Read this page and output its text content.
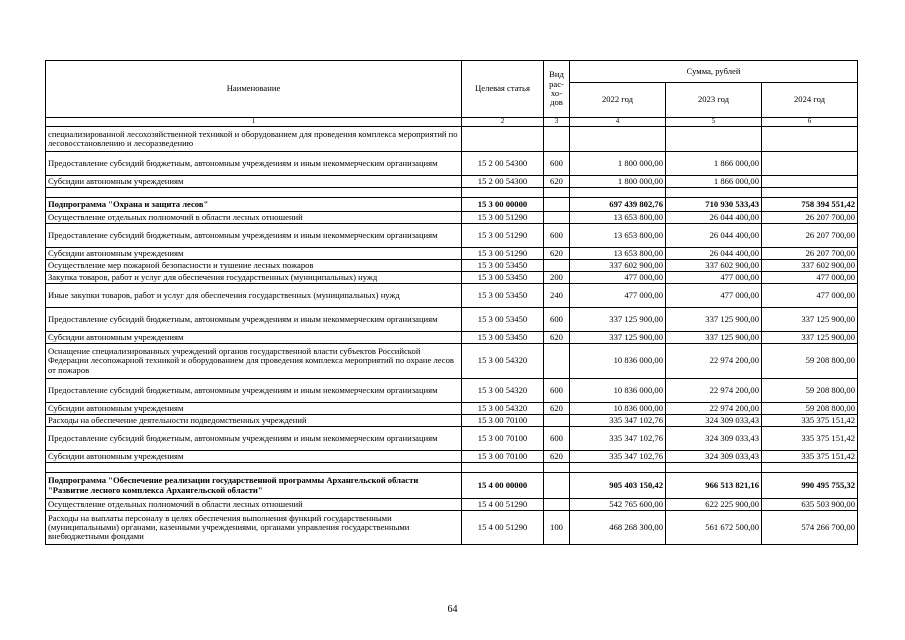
Наименование	Целевая статья	Вид рас-хо-дов	Сумма, рублей		
			2022 год	2023 год	2024 год
1	2	3	4	5	6
специализированной лесохозяйственной техникой и оборудованием для проведения комплекса мероприятий по лесовосстановлению и лесоразведению					
Предоставление субсидий бюджетным, автономным учреждениям и иным некоммерческим организациям	15 2 00 54300	600	1 800 000,00	1 866 000,00	
Субсидии автономным учреждениям	15 2 00 54300	620	1 800 000,00	1 866 000,00	

Подпрограмма "Охрана и защита лесов"	15 3 00 00000		697 439 802,76	710 930 533,43	758 394 551,42
Осуществление отдельных полномочий в области лесных отношений	15 3 00 51290		13 653 800,00	26 044 400,00	26 207 700,00
Предоставление субсидий бюджетным, автономным учреждениям и иным некоммерческим организациям	15 3 00 51290	600	13 653 800,00	26 044 400,00	26 207 700,00
Субсидии автономным учреждениям	15 3 00 51290	620	13 653 800,00	26 044 400,00	26 207 700,00
Осуществление мер пожарной безопасности и тушение лесных пожаров	15 3 00 53450		337 602 900,00	337 602 900,00	337 602 900,00
Закупка товаров, работ и услуг для обеспечения государственных (муниципальных) нужд	15 3 00 53450	200	477 000,00	477 000,00	477 000,00
Иные закупки товаров, работ и услуг для обеспечения государственных (муниципальных) нужд	15 3 00 53450	240	477 000,00	477 000,00	477 000,00
Предоставление субсидий бюджетным, автономным учреждениям и иным некоммерческим организациям	15 3 00 53450	600	337 125 900,00	337 125 900,00	337 125 900,00
Субсидии автономным учреждениям	15 3 00 53450	620	337 125 900,00	337 125 900,00	337 125 900,00
Оснащение специализированных учреждений органов государственной власти субъектов Российской Федерации лесопожарной техникой и оборудованием для проведения комплекса мероприятий по охране лесов от пожаров	15 3 00 54320		10 836 000,00	22 974 200,00	59 208 800,00
Предоставление субсидий бюджетным, автономным учреждениям и иным некоммерческим организациям	15 3 00 54320	600	10 836 000,00	22 974 200,00	59 208 800,00
Субсидии автономным учреждениям	15 3 00 54320	620	10 836 000,00	22 974 200,00	59 208 800,00
Расходы на обеспечение деятельности подведомственных учреждений	15 3 00 70100		335 347 102,76	324 309 033,43	335 375 151,42
Предоставление субсидий бюджетным, автономным учреждениям и иным некоммерческим организациям	15 3 00 70100	600	335 347 102,76	324 309 033,43	335 375 151,42
Субсидии автономным учреждениям	15 3 00 70100	620	335 347 102,76	324 309 033,43	335 375 151,42

Подпрограмма "Обеспечение реализации государственной программы Архангельской области "Развитие лесного комплекса Архангельской области"	15 4 00 00000		905 403 150,42	966 513 821,16	990 495 755,32
Осуществление отдельных полномочий в области лесных отношений	15 4 00 51290		542 765 600,00	622 225 900,00	635 503 900,00
Расходы на выплаты персоналу в целях обеспечения выполнения функций государственными (муниципальными) органами, казенными учреждениями, органами управления государственными внебюджетными фондами	15 4 00 51290	100	468 268 300,00	561 672 500,00	574 266 700,00
64
